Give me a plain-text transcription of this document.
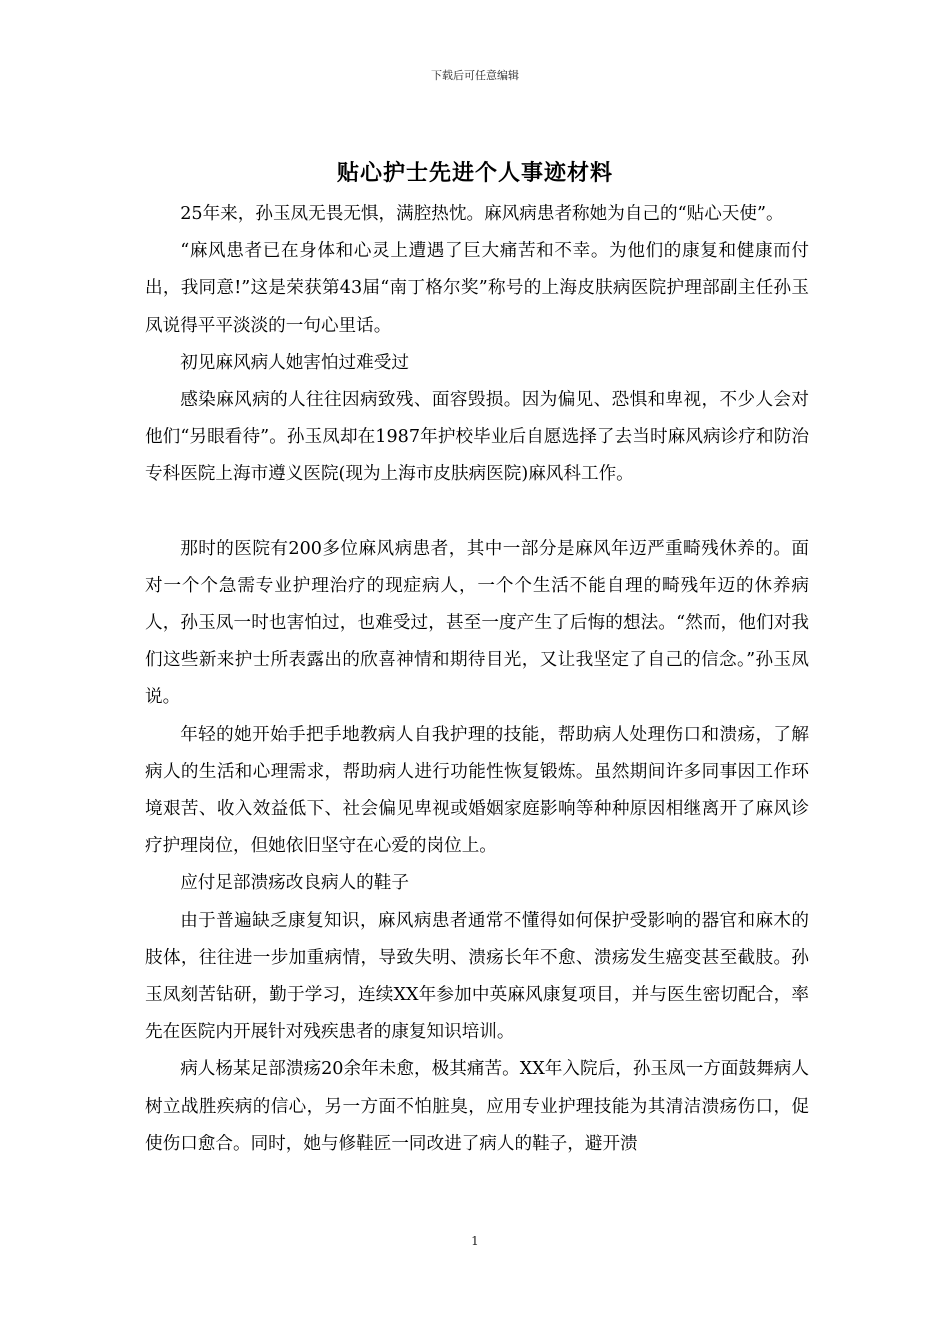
下载后可任意编辑
贴心护士先进个人事迹材料

25年来，孙玉凤无畏无惧，满腔热忱。麻风病患者称她为自己的“贴心天使”。

“麻风患者已在身体和心灵上遭遇了巨大痛苦和不幸。为他们的康复和健康而付出，我同意!”这是荣获第43届“南丁格尔奖”称号的上海皮肤病医院护理部副主任孙玉凤说得平平淡淡的一句心里话。

初见麻风病人她害怕过难受过

感染麻风病的人往往因病致残、面容毁损。因为偏见、恐惧和卑视，不少人会对他们“另眼看待”。孙玉凤却在1987年护校毕业后自愿选择了去当时麻风病诊疗和防治专科医院上海市遵义医院(现为上海市皮肤病医院)麻风科工作。

那时的医院有200多位麻风病患者，其中一部分是麻风年迈严重畸残休养的。面对一个个急需专业护理治疗的现症病人，一个个生活不能自理的畸残年迈的休养病人，孙玉凤一时也害怕过，也难受过，甚至一度产生了后悔的想法。“然而，他们对我们这些新来护士所表露出的欣喜神情和期待目光，又让我坚定了自己的信念。”孙玉凤说。

年轻的她开始手把手地教病人自我护理的技能，帮助病人处理伤口和溃疡，了解病人的生活和心理需求，帮助病人进行功能性恢复锻炼。虽然期间许多同事因工作环境艰苦、收入效益低下、社会偏见卑视或婚姻家庭影响等种种原因相继离开了麻风诊疗护理岗位，但她依旧坚守在心爱的岗位上。

应付足部溃疡改良病人的鞋子

由于普遍缺乏康复知识，麻风病患者通常不懂得如何保护受影响的器官和麻木的肢体，往往进一步加重病情，导致失明、溃疡长年不愈、溃疡发生癌变甚至截肢。孙玉凤刻苦钻研，勤于学习，连续XX年参加中英麻风康复项目，并与医生密切配合，率先在医院内开展针对残疾患者的康复知识培训。

病人杨某足部溃疡20余年未愈，极其痛苦。XX年入院后，孙玉凤一方面鼓舞病人树立战胜疾病的信心，另一方面不怕脏臭，应用专业护理技能为其清洁溃疡伤口，促使伤口愈合。同时，她与修鞋匠一同改进了病人的鞋子，避开溃

1
